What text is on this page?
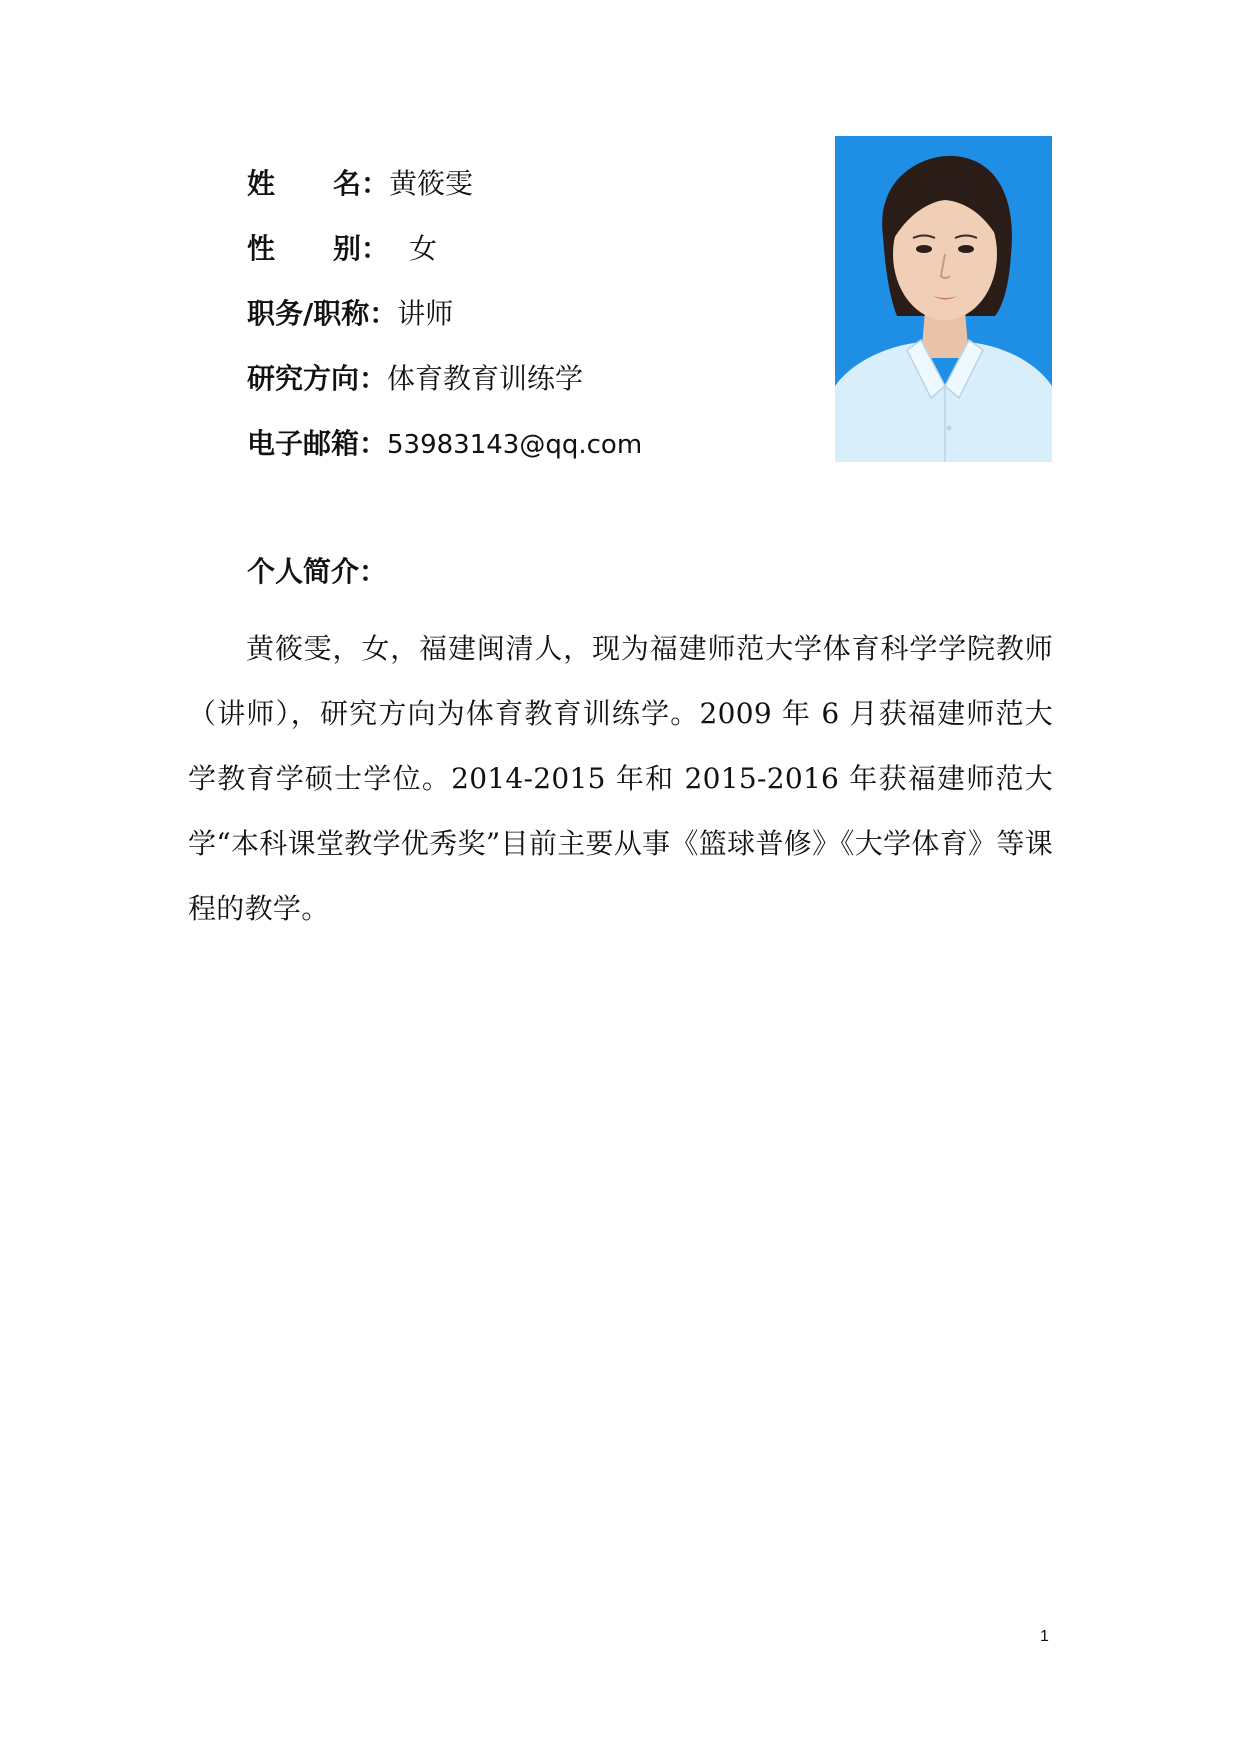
姓 名：黄筱雯
性 别： 女
职务/职称：讲师
研究方向：体育教育训练学
电子邮箱：53983143@qq.com
个人简介：
黄筱雯，女，福建闽清人，现为福建师范大学体育科学学院教师（讲师），研究方向为体育教育训练学。2009 年 6 月获福建师范大学教育学硕士学位。2014-2015 年和 2015-2016 年获福建师范大学“本科课堂教学优秀奖”目前主要从事《篮球普修》《大学体育》等课程的教学。
1
